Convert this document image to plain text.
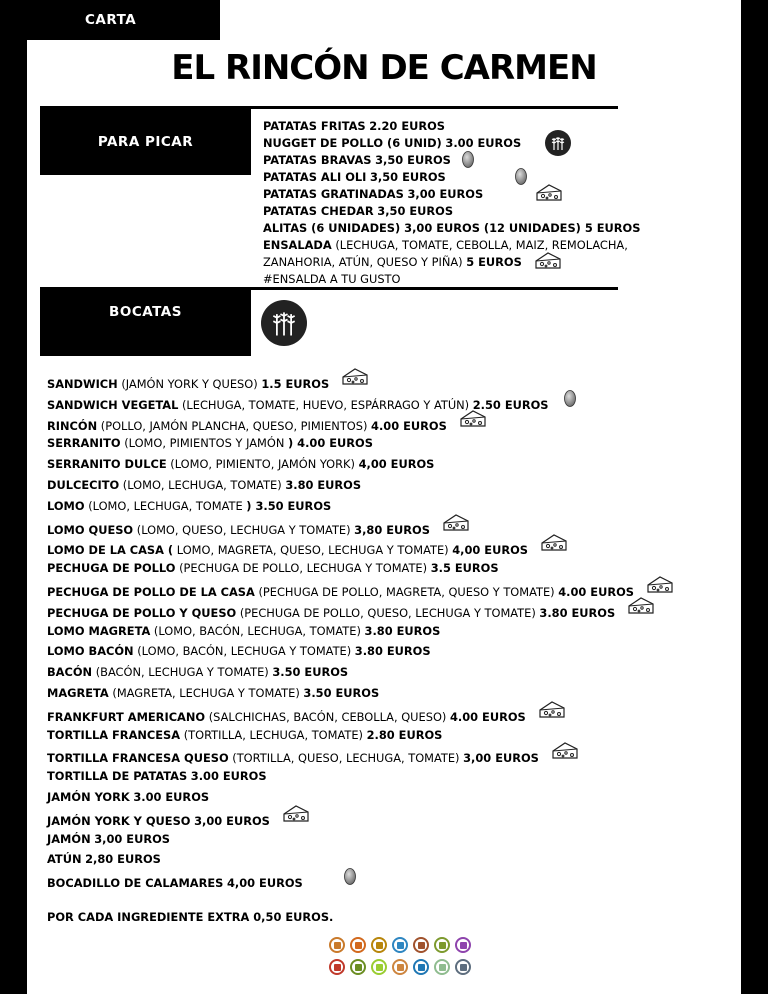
CARTA
EL RINCÓN DE CARMEN
PARA PICAR
PATATAS FRITAS 2.20 EUROS
NUGGET DE POLLO (6 UNID) 3.00 EUROS
PATATAS BRAVAS 3,50 EUROS
PATATAS ALI OLI 3,50 EUROS
PATATAS GRATINADAS 3,00 EUROS
PATATAS CHEDAR 3,50 EUROS
ALITAS (6 UNIDADES) 3,00 EUROS (12 UNIDADES) 5 EUROS
ENSALADA (LECHUGA, TOMATE, CEBOLLA, MAIZ, REMOLACHA,
ZANAHORIA, ATÚN, QUESO Y PIÑA) 5 EUROS
#ENSALDA A TU GUSTO
BOCATAS
SANDWICH (JAMÓN YORK Y QUESO) 1.5 EUROS
SANDWICH VEGETAL (LECHUGA, TOMATE, HUEVO, ESPÁRRAGO Y ATÚN) 2.50 EUROS
RINCÓN (POLLO, JAMÓN PLANCHA, QUESO, PIMIENTOS) 4.00 EUROS
SERRANITO (LOMO, PIMIENTOS Y JAMÓN ) 4.00 EUROS
SERRANITO DULCE (LOMO, PIMIENTO, JAMÓN YORK) 4,00 EUROS
DULCECITO (LOMO, LECHUGA, TOMATE) 3.80 EUROS
LOMO (LOMO, LECHUGA, TOMATE ) 3.50 EUROS
LOMO QUESO (LOMO, QUESO, LECHUGA Y TOMATE) 3,80 EUROS
LOMO DE LA CASA ( LOMO, MAGRETA, QUESO, LECHUGA Y TOMATE) 4,00 EUROS
PECHUGA DE POLLO (PECHUGA DE POLLO, LECHUGA Y TOMATE) 3.5 EUROS
PECHUGA DE POLLO DE LA CASA (PECHUGA DE POLLO, MAGRETA, QUESO Y TOMATE) 4.00 EUROS
PECHUGA DE POLLO Y QUESO (PECHUGA DE POLLO, QUESO, LECHUGA Y TOMATE) 3.80 EUROS
LOMO MAGRETA (LOMO, BACÓN, LECHUGA, TOMATE) 3.80 EUROS
LOMO BACÓN (LOMO, BACÓN, LECHUGA Y TOMATE) 3.80 EUROS
BACÓN (BACÓN, LECHUGA Y TOMATE) 3.50 EUROS
MAGRETA (MAGRETA, LECHUGA Y TOMATE) 3.50 EUROS
FRANKFURT AMERICANO (SALCHICHAS, BACÓN, CEBOLLA, QUESO) 4.00 EUROS
TORTILLA FRANCESA (TORTILLA, LECHUGA, TOMATE) 2.80 EUROS
TORTILLA FRANCESA QUESO (TORTILLA, QUESO, LECHUGA, TOMATE) 3,00 EUROS
TORTILLA DE PATATAS 3.00 EUROS
JAMÓN YORK 3.00 EUROS
JAMÓN YORK Y QUESO 3,00 EUROS
JAMÓN 3,00 EUROS
ATÚN 2,80 EUROS
BOCADILLO DE CALAMARES 4,00 EUROS
POR CADA INGREDIENTE EXTRA 0,50 EUROS.
